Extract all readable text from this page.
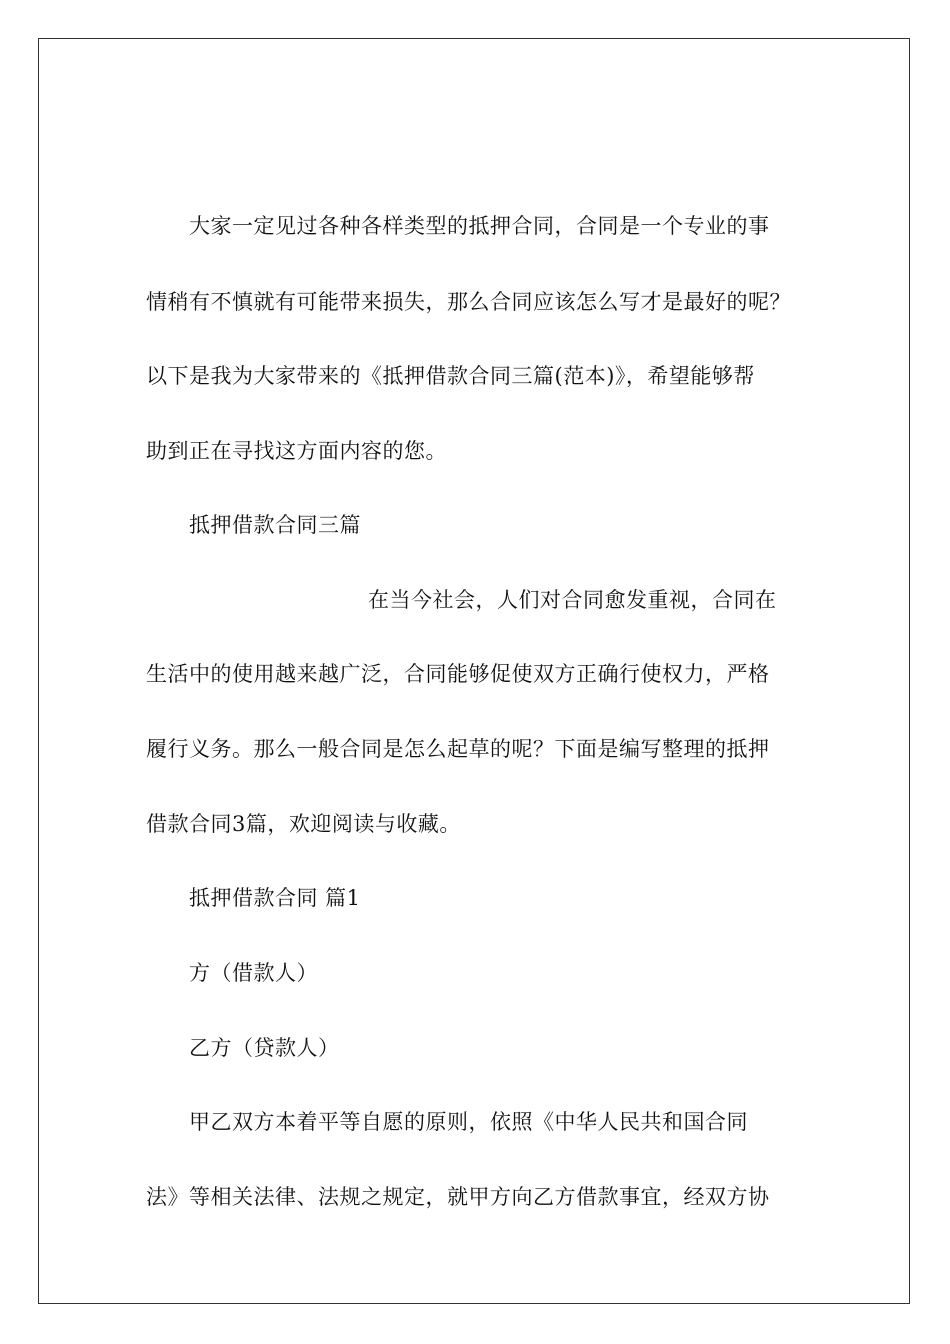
大家一定见过各种各样类型的抵押合同，合同是一个专业的事
情稍有不慎就有可能带来损失，那么合同应该怎么写才是最好的呢？
以下是我为大家带来的《抵押借款合同三篇(范本)》，希望能够帮
助到正在寻找这方面内容的您。
抵押借款合同三篇
在当今社会，人们对合同愈发重视，合同在
生活中的使用越来越广泛，合同能够促使双方正确行使权力，严格
履行义务。那么一般合同是怎么起草的呢？下面是编写整理的抵押
借款合同3篇，欢迎阅读与收藏。
抵押借款合同 篇1
方（借款人）
乙方（贷款人）
甲乙双方本着平等自愿的原则，依照《中华人民共和国合同
法》等相关法律、法规之规定，就甲方向乙方借款事宜，经双方协
